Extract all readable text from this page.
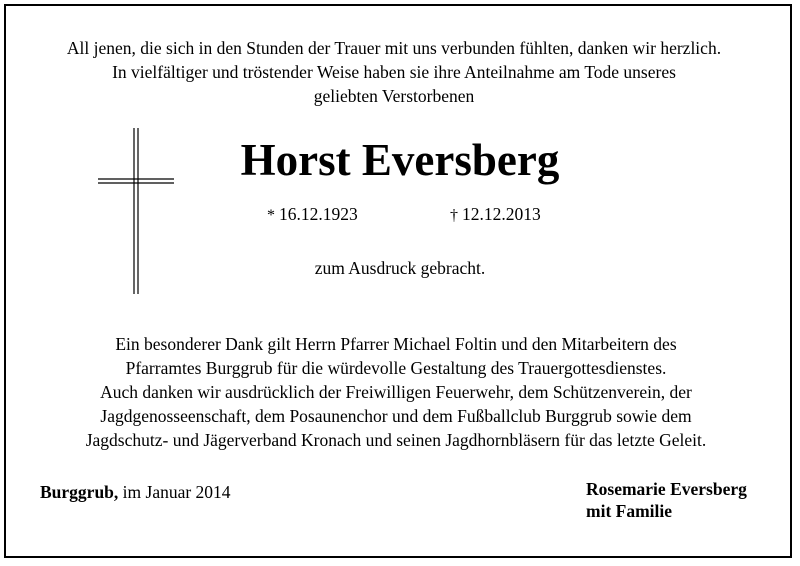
All jenen, die sich in den Stunden der Trauer mit uns verbunden fühlten, danken wir herzlich.
In vielfältiger und tröstender Weise haben sie ihre Anteilnahme am Tode unseres
geliebten Verstorbenen
Horst Eversberg
* 16.12.1923	† 12.12.2013
zum Ausdruck gebracht.
Ein besonderer Dank gilt Herrn Pfarrer Michael Foltin und den Mitarbeitern des
Pfarramtes Burggrub für die würdevolle Gestaltung des Trauergottesdienstes.
Auch danken wir ausdrücklich der Freiwilligen Feuerwehr, dem Schützenverein, der
Jagdgenosseenschaft, dem Posaunenchor und dem Fußballclub Burggrub sowie dem
Jagdschutz- und Jägerverband Kronach und seinen Jagdhornbläsern für das letzte Geleit.
Burggrub, im Januar 2014	Rosemarie Eversberg
mit Familie
